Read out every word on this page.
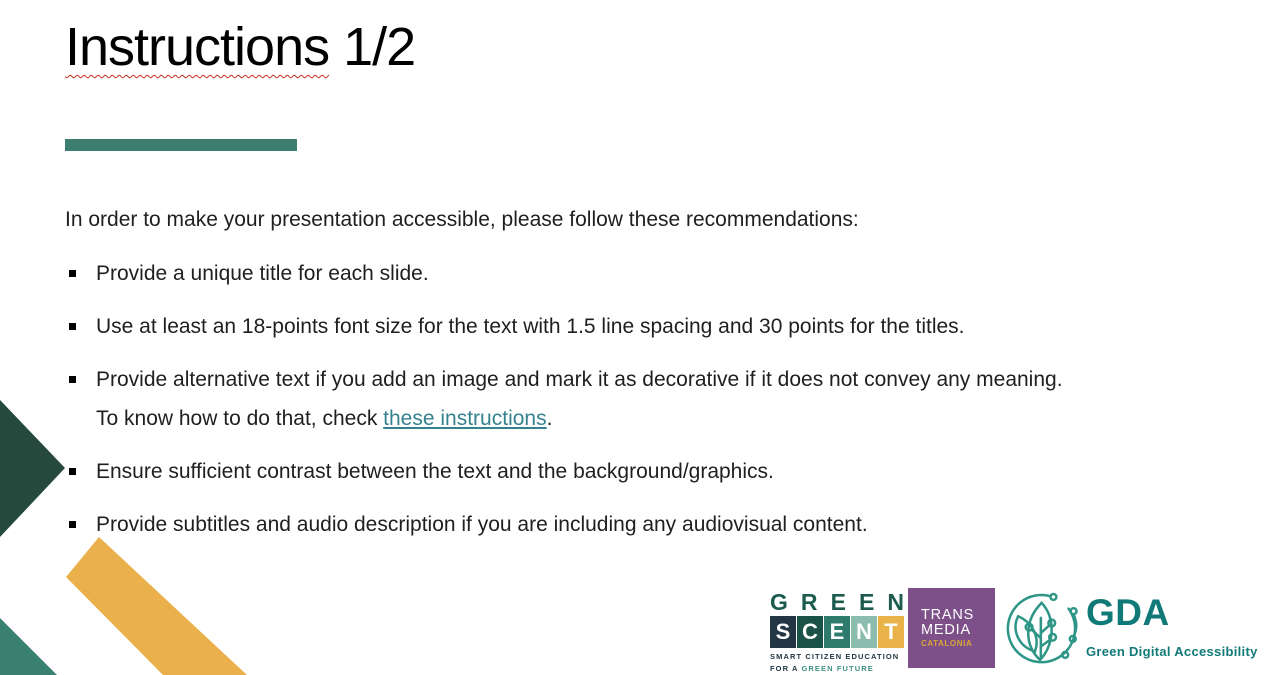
Instructions 1/2
In order to make your presentation accessible, please follow these recommendations:
Provide a unique title for each slide.
Use at least an 18-points font size for the text with 1.5 line spacing and 30 points for the titles.
Provide alternative text if you add an image and mark it as decorative if it does not convey any meaning.
To know how to do that, check these instructions.
Ensure sufficient contrast between the text and the background/graphics.
Provide subtitles and audio description if you are including any audiovisual content.
G R E E N
S C E N T
SMART CITIZEN EDUCATION
FOR A GREEN FUTURE
TRANS
MEDIA
CATALONIA
GDA
Green Digital Accessibility
